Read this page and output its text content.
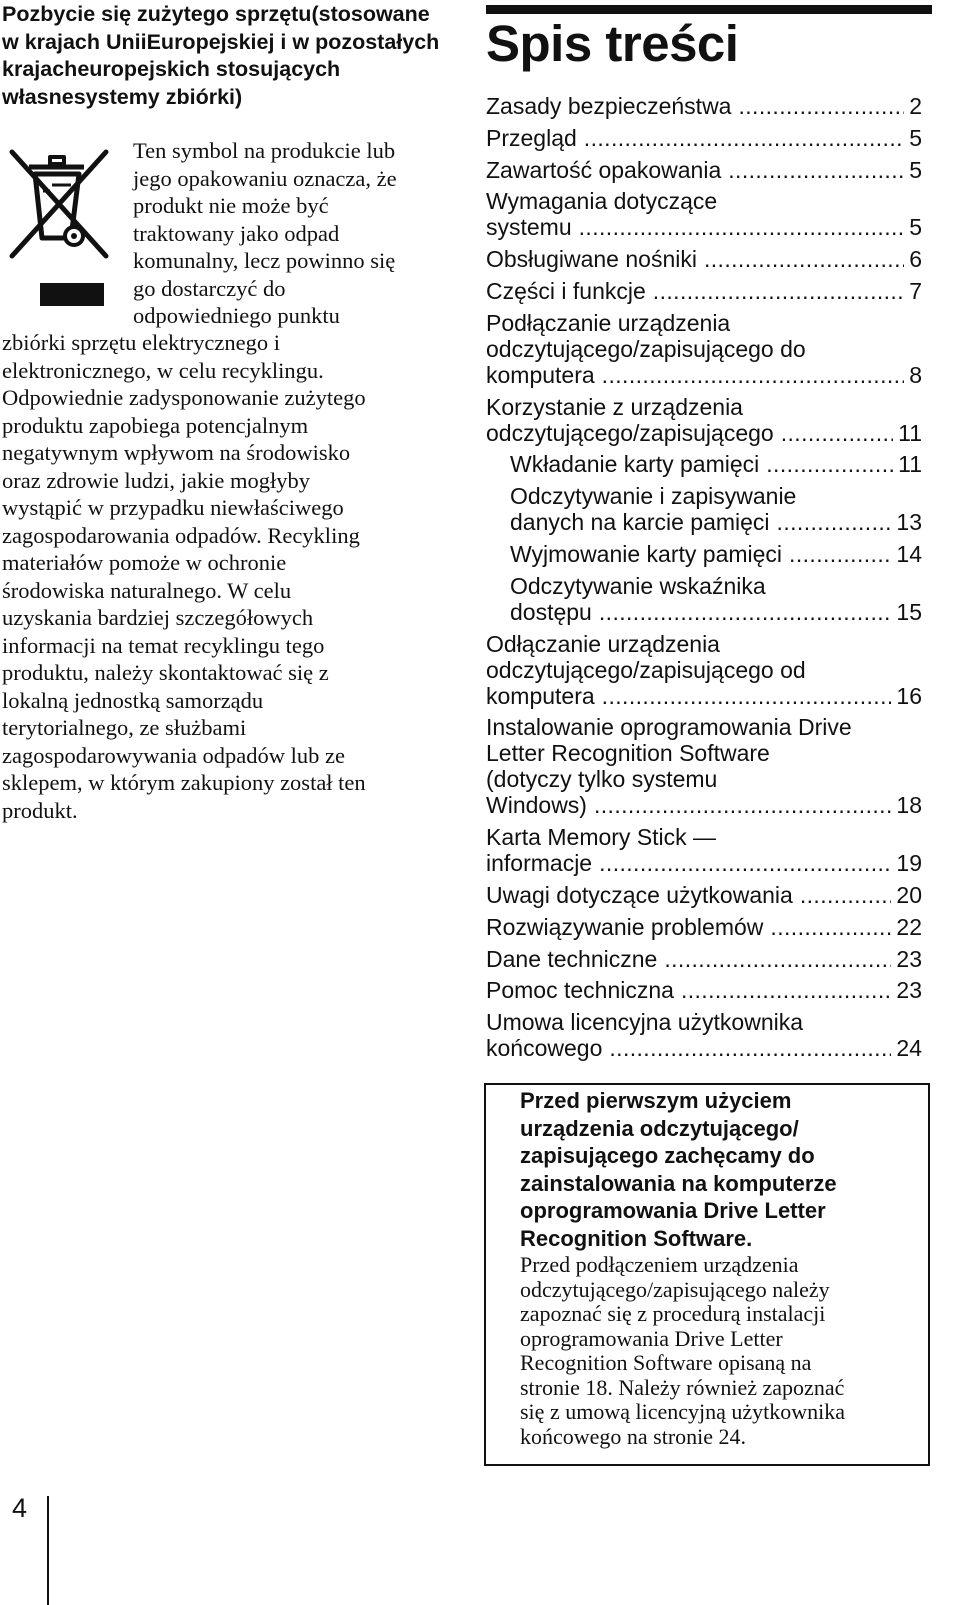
Pozbycie się zużytego sprzętu(stosowane w krajach UniiEuropejskiej i w pozostałych krajacheuropejskich stosujących własnesystemy zbiórki)

Ten symbol na produkcie lub
jego opakowaniu oznacza, że
produkt nie może być
traktowany jako odpad
komunalny, lecz powinno się
go dostarczyć do
odpowiedniego punktu

zbiórki sprzętu elektrycznego i
elektronicznego, w celu recyklingu.
Odpowiednie zadysponowanie zużytego
produktu zapobiega potencjalnym
negatywnym wpływom na środowisko
oraz zdrowie ludzi, jakie mogłyby
wystąpić w przypadku niewłaściwego
zagospodarowania odpadów. Recykling
materiałów pomoże w ochronie
środowiska naturalnego. W celu
uzyskania bardziej szczegółowych
informacji na temat recyklingu tego
produktu, należy skontaktować się z
lokalną jednostką samorządu
terytorialnego, ze służbami
zagospodarowywania odpadów lub ze
sklepem, w którym zakupiony został ten
produkt.

Spis treści
Zasady bezpieczeństwa .....	2
Przegląd .....	5
Zawartość opakowania .....	5
Wymagania dotyczące
systemu .....	5
Obsługiwane nośniki .....	6
Części i funkcje .....	7
Podłączanie urządzenia
odczytującego/zapisującego do
komputera .....	8
Korzystanie z urządzenia
odczytującego/zapisującego .....	11
Wkładanie karty pamięci .....	11
Odczytywanie i zapisywanie
danych na karcie pamięci .....	13
Wyjmowanie karty pamięci .....	14
Odczytywanie wskaźnika
dostępu .....	15
Odłączanie urządzenia
odczytującego/zapisującego od
komputera .....	16
Instalowanie oprogramowania Drive
Letter Recognition Software
(dotyczy tylko systemu
Windows) .....	18
Karta Memory Stick —
informacje .....	19
Uwagi dotyczące użytkowania .....	20
Rozwiązywanie problemów .....	22
Dane techniczne .....	23
Pomoc techniczna .....	23
Umowa licencyjna użytkownika
końcowego .....	24

Przed pierwszym użyciem
urządzenia odczytującego/
zapisującego zachęcamy do
zainstalowania na komputerze
oprogramowania Drive Letter
Recognition Software.

Przed podłączeniem urządzenia
odczytującego/zapisującego należy
zapoznać się z procedurą instalacji
oprogramowania Drive Letter
Recognition Software opisaną na
stronie 18. Należy również zapoznać
się z umową licencyjną użytkownika
końcowego na stronie 24.

4
